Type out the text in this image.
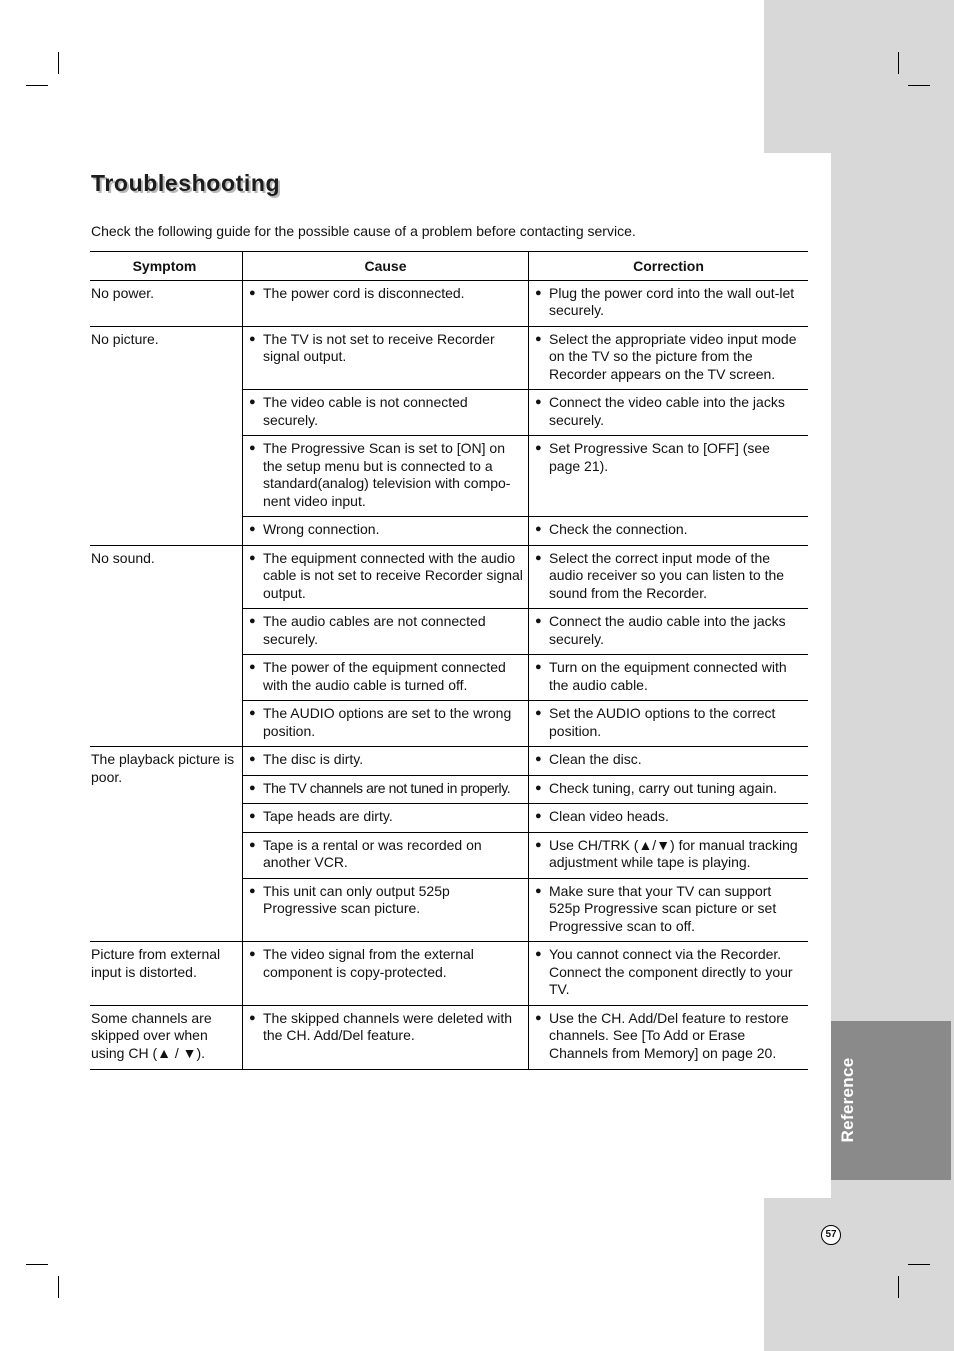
Reference
Troubleshooting

Check the following guide for the possible cause of a problem before contacting service.

Symptom	Cause	Correction
No power.	● The power cord is disconnected.	● Plug the power cord into the wall out-let securely.

No picture.	● The TV is not set to receive Recorder signal output.	● Select the appropriate video input mode on the TV so the picture from the Recorder appears on the TV screen.

	● The video cable is not connected securely.	● Connect the video cable into the jacks securely.

	● The Progressive Scan is set to [ON] on the setup menu but is connected to a standard(analog) television with compo-nent video input.	● Set Progressive Scan to [OFF] (see page 21).

	● Wrong connection.	● Check the connection.

No sound.	● The equipment connected with the audio cable is not set to receive Recorder signal output.	● Select the correct input mode of the audio receiver so you can listen to the sound from the Recorder.

	● The audio cables are not connected securely.	● Connect the audio cable into the jacks securely.

	● The power of the equipment connected with the audio cable is turned off.	● Turn on the equipment connected with the audio cable.

	● The AUDIO options are set to the wrong position.	● Set the AUDIO options to the correct position.

The playback picture is poor.	● The disc is dirty.	● Clean the disc.

	● The TV channels are not tuned in properly.	● Check tuning, carry out tuning again.

	● Tape heads are dirty.	● Clean video heads.

	● Tape is a rental or was recorded on another VCR.	● Use CH/TRK (▲/▼) for manual tracking adjustment while tape is playing.

	● This unit can only output 525p Progressive scan picture.	● Make sure that your TV can support 525p Progressive scan picture or set Progressive scan to off.

Picture from external input is distorted.	● The video signal from the external component is copy-protected.	● You cannot connect via the Recorder. Connect the component directly to your TV.

Some channels are skipped over when using CH (▲ / ▼).	● The skipped channels were deleted with the CH. Add/Del feature.	● Use the CH. Add/Del feature to restore channels. See [To Add or Erase Channels from Memory] on page 20.
57
